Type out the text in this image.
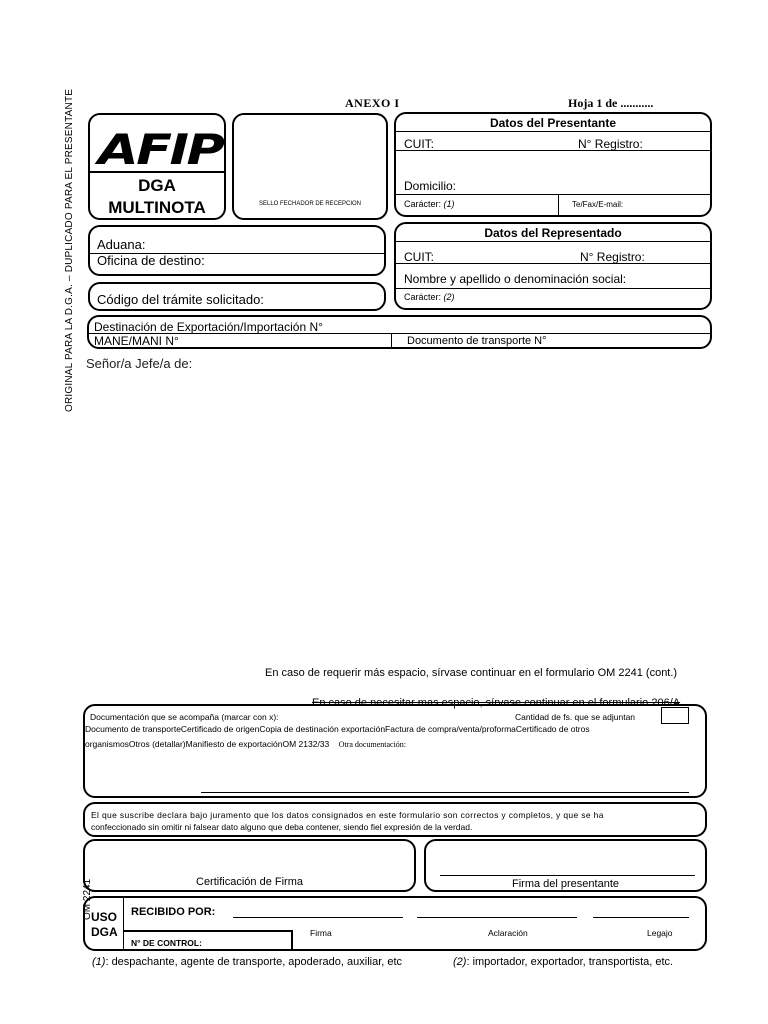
ORIGINAL PARA LA D.G.A. – DUPLICADO PARA EL PRESENTANTE
OM 2241
ANEXO I	Hoja 1 de ...........
AFIP
DGA
MULTINOTA	SELLO FECHADOR DE RECEPCION
Datos del Presentante
CUIT:	N° Registro:
Domicilio:
Carácter: (1)	Te/Fax/E-mail:
Aduana:
Oficina de destino:
Código del trámite solicitado:
Datos del Representado
CUIT:	N° Registro:
Nombre y apellido o denominación social:
Carácter: (2)
Destinación de Exportación/Importación N°
MANE/MANI N°	Documento de transporte N°
Señor/a Jefe/a de:
En caso de requerir más espacio, sírvase continuar en el formulario OM 2241 (cont.)
En caso de necesitar mas espacio, sírvase continuar en el formulario 206/A
Documentación que se acompaña (marcar con x):	Cantidad de fs. que se adjuntan
Documento de transporteCertificado de origenCopia de destinación exportaciónFactura de compra/venta/proformaCertificado de otros
organismosOtros (detallar)Manifiesto de exportaciónOM 2132/33 Otra documentación:
El que suscribe declara bajo juramento que los datos consignados en este formulario son correctos y completos, y que se ha
confeccionado sin omitir ni falsear dato alguno que deba contener, siendo fiel expresión de la verdad.
Certificación de Firma	Firma del presentante
USO
DGA
RECIBIDO POR:
Firma	Aclaración	Legajo
N° DE CONTROL:
(1): despachante, agente de transporte, apoderado, auxiliar, etc	(2): importador, exportador, transportista, etc.
